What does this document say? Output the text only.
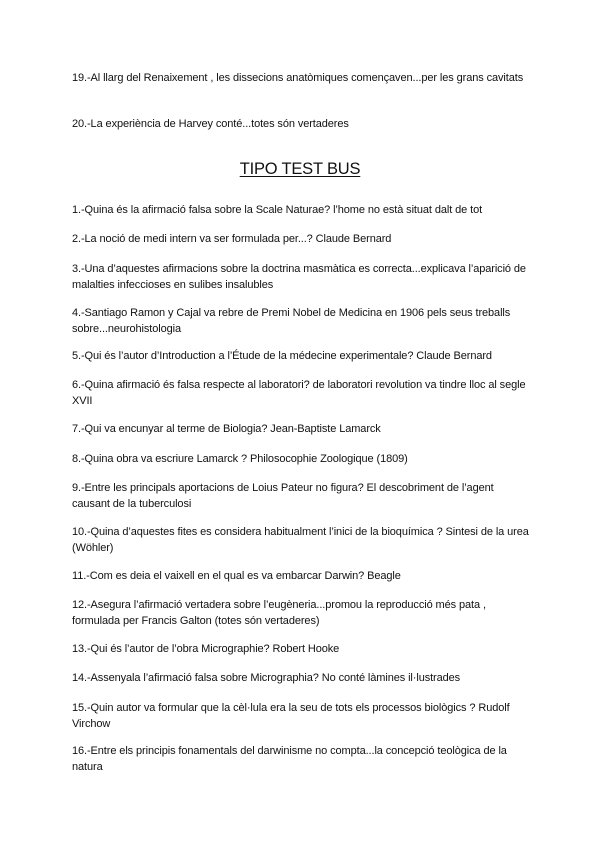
19.-Al llarg del Renaixement , les dissecions anatòmiques començaven...per les grans cavitats

20.-La experiència de Harvey conté...totes són vertaderes

TIPO TEST BUS

1.-Quina és la afirmació falsa sobre la Scale Naturae? l’home no està situat dalt de tot

2.-La noció de medi intern va ser formulada per...? Claude Bernard

3.-Una d’aquestes afirmacions sobre la doctrina masmàtica es correcta...explicava l’aparició de malalties infeccioses en sulibes insalubles

4.-Santiago Ramon y Cajal va rebre de Premi Nobel de Medicina en 1906 pels seus treballs sobre...neurohistologia

5.-Qui és l’autor d’Introduction a l’Étude de la médecine experimentale? Claude Bernard

6.-Quina afirmació és falsa respecte al laboratori? de laboratori revolution va tindre lloc al segle XVII

7.-Qui va encunyar al terme de Biologia? Jean-Baptiste Lamarck

8.-Quina obra va escriure Lamarck ? Philosocophie Zoologique (1809)

9.-Entre les principals aportacions de Loius Pateur no figura? El descobriment de l’agent causant de la tuberculosi

10.-Quina d’aquestes fites es considera habitualment l’inici de la bioquímica ? Sintesi de la urea (Wöhler)

11.-Com es deia el vaixell en el qual es va embarcar Darwin? Beagle

12.-Asegura l’afirmació vertadera sobre l’eugèneria...promou la reproducció més pata , formulada per Francis Galton (totes són vertaderes)

13.-Qui és l’autor de l’obra Micrographie? Robert Hooke

14.-Assenyala l’afirmació falsa sobre Micrographia? No conté làmines il·lustrades

15.-Quin autor va formular que la cèl·lula era la seu de tots els processos biològics ? Rudolf Virchow

16.-Entre els principis fonamentals del darwinisme no compta...la concepció teològica de la natura
